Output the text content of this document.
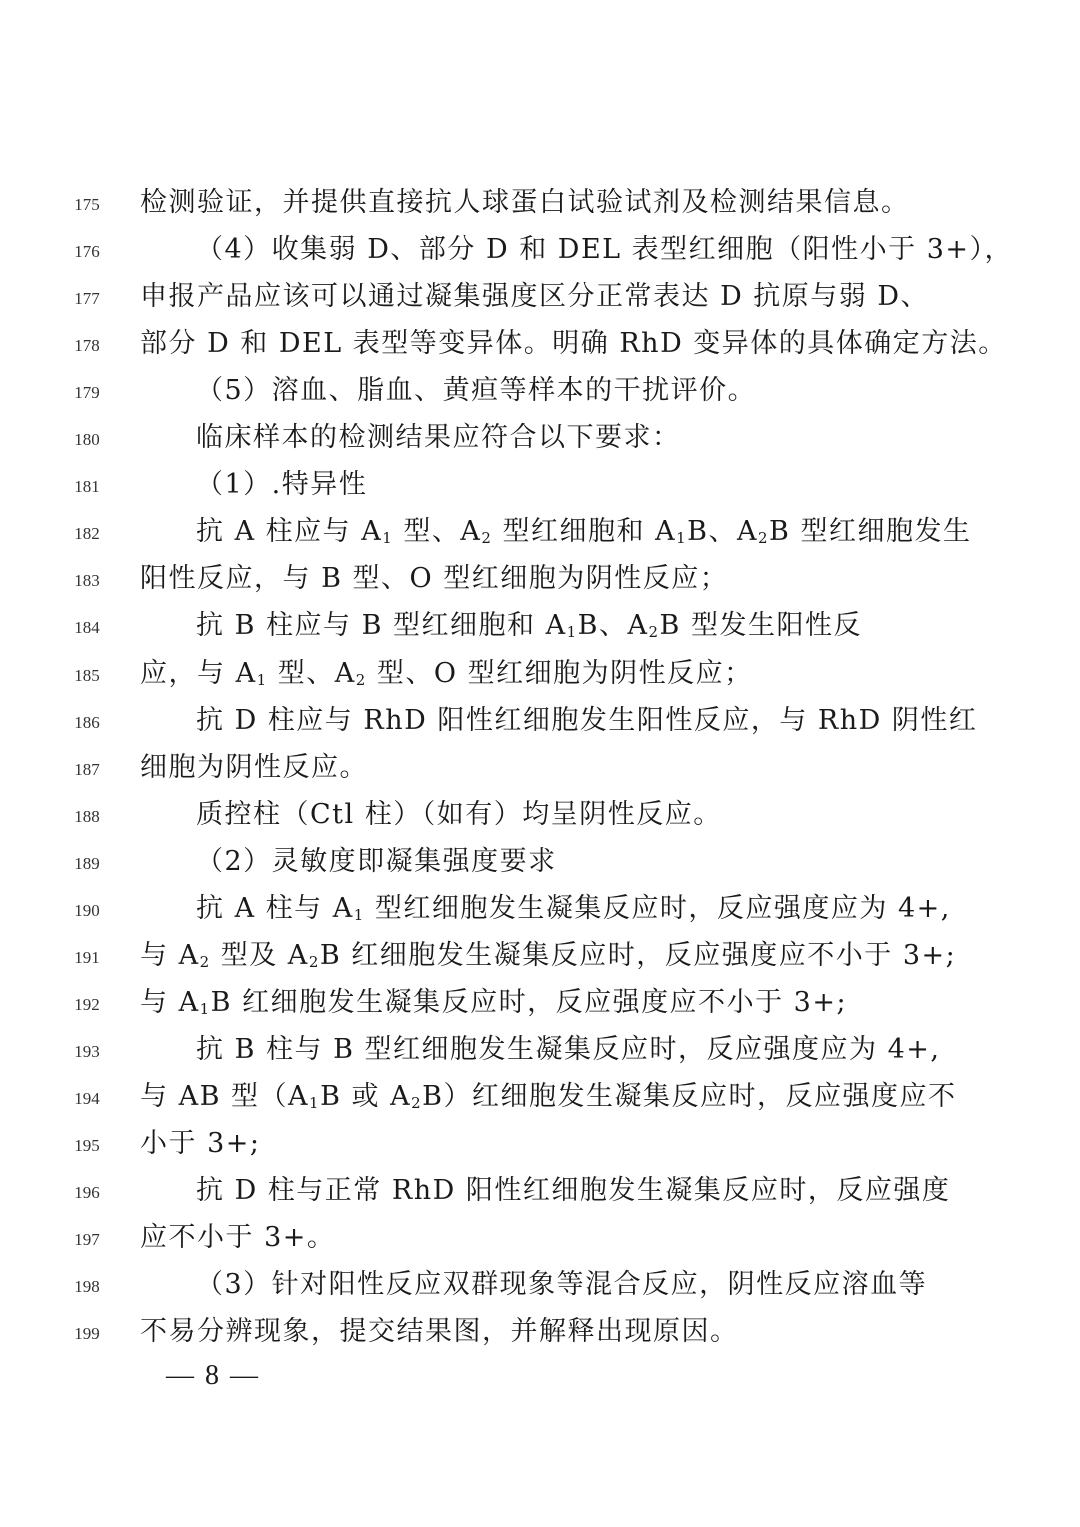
175	检测验证，并提供直接抗人球蛋白试验试剂及检测结果信息。
176	（4）收集弱 D、部分 D 和 DEL 表型红细胞（阳性小于 3+），
177	申报产品应该可以通过凝集强度区分正常表达 D 抗原与弱 D、
178	部分 D 和 DEL 表型等变异体。明确 RhD 变异体的具体确定方法。
179	（5）溶血、脂血、黄疸等样本的干扰评价。
180	临床样本的检测结果应符合以下要求：
181	（1）.特异性
182	抗 A 柱应与 $A_1$ 型、$A_2$ 型红细胞和 $A_1B$、$A_2B$ 型红细胞发生
183	阳性反应，与 B 型、O 型红细胞为阴性反应；
184	抗 B 柱应与 B 型红细胞和 $A_1B$、$A_2B$ 型发生阳性反
185	应，与 $A_1$ 型、$A_2$ 型、O 型红细胞为阴性反应；
186	抗 D 柱应与 RhD 阳性红细胞发生阳性反应，与 RhD 阴性红
187	细胞为阴性反应。
188	质控柱（Ctl 柱）（如有）均呈阴性反应。
189	（2）灵敏度即凝集强度要求
190	抗 A 柱与 $A_1$ 型红细胞发生凝集反应时，反应强度应为 4+,
191	与 $A_2$ 型及 $A_2B$ 红细胞发生凝集反应时，反应强度应不小于 3+;
192	与 $A_1B$ 红细胞发生凝集反应时，反应强度应不小于 3+;
193	抗 B 柱与 B 型红细胞发生凝集反应时，反应强度应为 4+,
194	与 AB 型（$A_1B$ 或 $A_2B$）红细胞发生凝集反应时，反应强度应不
195	小于 3+;
196	抗 D 柱与正常 RhD 阳性红细胞发生凝集反应时，反应强度
197	应不小于 3+。
198	（3）针对阳性反应双群现象等混合反应，阴性反应溶血等
199	不易分辨现象，提交结果图，并解释出现原因。
— 8 —
